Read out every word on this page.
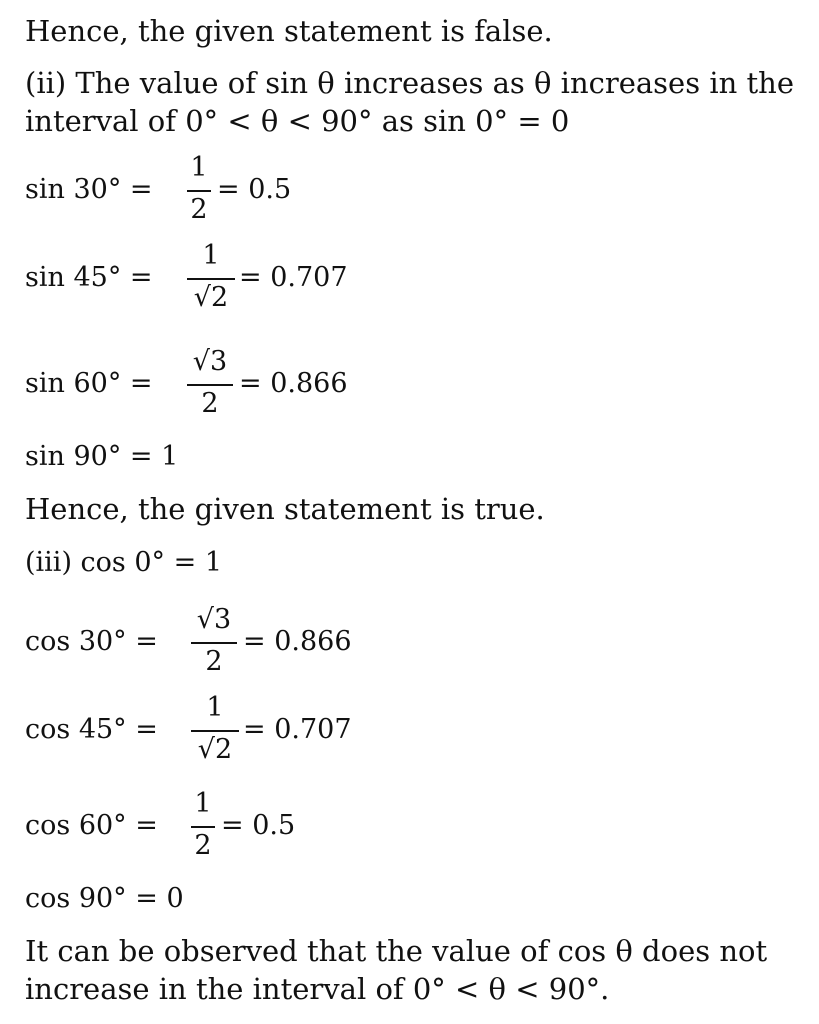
Hence, the given statement is false.
(ii) The value of sin θ increases as θ increases in the
interval of 0° < θ < 90° as sin 0° = 0
sin 30° =
1
2
= 0.5
sin 45° =
1
√2
= 0.707
sin 60° =
√3
2
= 0.866
sin 90° = 1
Hence, the given statement is true.
(iii) cos 0° = 1
cos 30° =
√3
2
= 0.866
cos 45° =
1
√2
= 0.707
cos 60° =
1
2
= 0.5
cos 90° = 0
It can be observed that the value of cos θ does not
increase in the interval of 0° < θ < 90°.
